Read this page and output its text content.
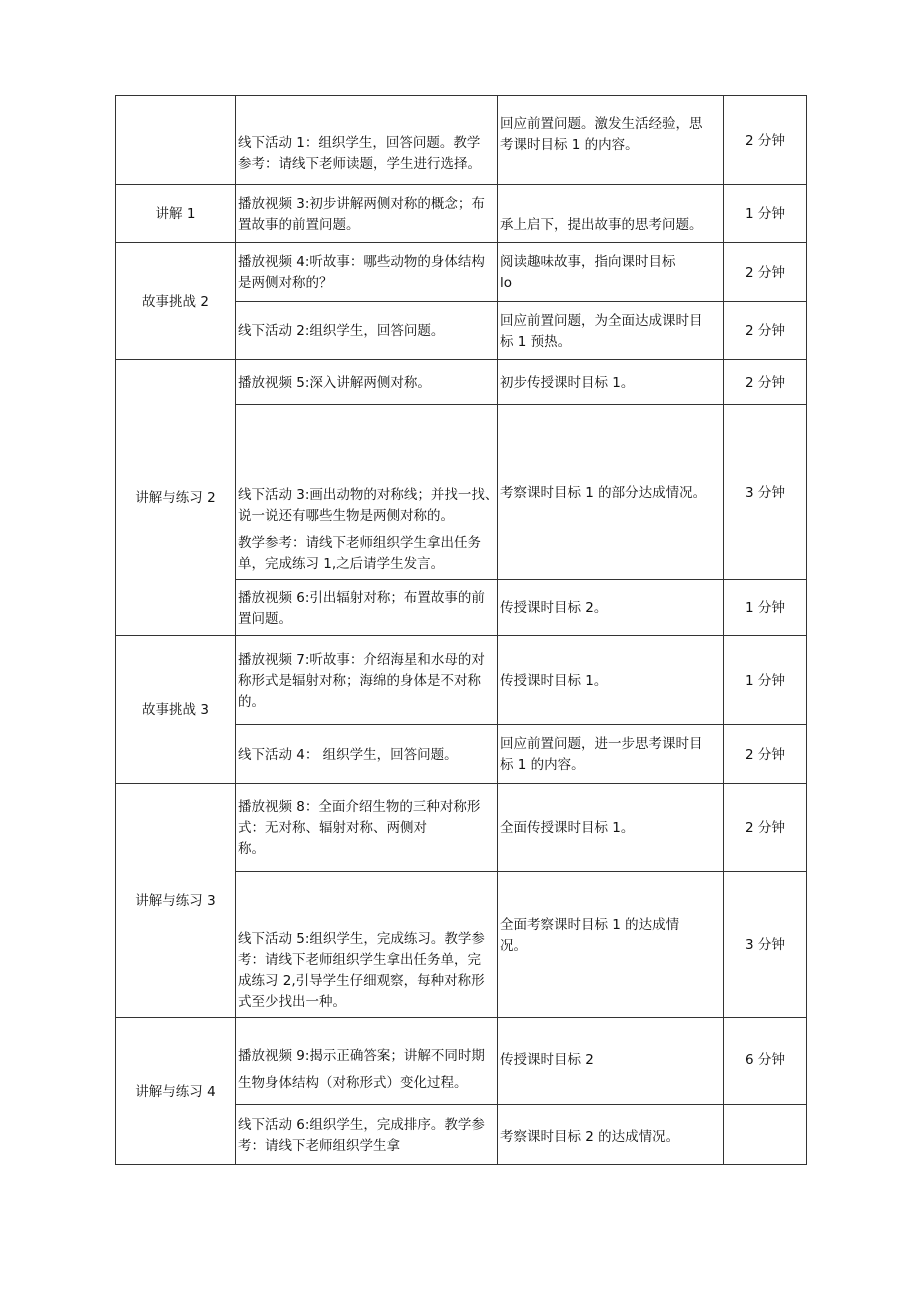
	线下活动 1：组织学生，回答问题。教学
参考：请线下老师读题，学生进行选择。	回应前置问题。激发生活经验，思
考课时目标 1 的内容。	2 分钟
讲解 1	播放视频 3:初步讲解两侧对称的概念；布
置故事的前置问题。	承上启下，提出故事的思考问题。	1 分钟
故事挑战 2	播放视频 4:听故事：哪些动物的身体结构
是两侧对称的？	阅读趣味故事，指向课时目标
lo	2 分钟

	线下活动 2:组织学生，回答问题。	回应前置问题，为全面达成课时目
标 1 预热。	2 分钟
讲解与练习 2	播放视频 5:深入讲解两侧对称。	初步传授课时目标 1。	2 分钟

	线下活动 3:画出动物的对称线；并找一找、
说一说还有哪些生物是两侧对称的。
教学参考：请线下老师组织学生拿出任务
单，完成练习 1,之后请学生发言。	考察课时目标 1 的部分达成情况。	3 分钟

	播放视频 6:引出辐射对称；布置故事的前
置问题。	传授课时目标 2。	1 分钟
故事挑战 3	播放视频 7:听故事：介绍海星和水母的对
称形式是辐射对称；海绵的身体是不对称
的。	传授课时目标 1。	1 分钟

	线下活动 4： 组织学生，回答问题。	回应前置问题，进一步思考课时目
标 1 的内容。	2 分钟
讲解与练习 3	播放视频 8：全面介绍生物的三种对称形
式：无对称、辐射对称、两侧对
称。	全面传授课时目标 1。	2 分钟

	线下活动 5:组织学生，完成练习。教学参
考：请线下老师组织学生拿出任务单，完
成练习 2,引导学生仔细观察，每种对称形
式至少找出一种。	全面考察课时目标 1 的达成情
况。	3 分钟
讲解与练习 4	播放视频 9:揭示正确答案；讲解不同时期
生物身体结构（对称形式）变化过程。	传授课时目标 2	6 分钟

	线下活动 6:组织学生，完成排序。教学参
考：请线下老师组织学生拿	考察课时目标 2 的达成情况。	
